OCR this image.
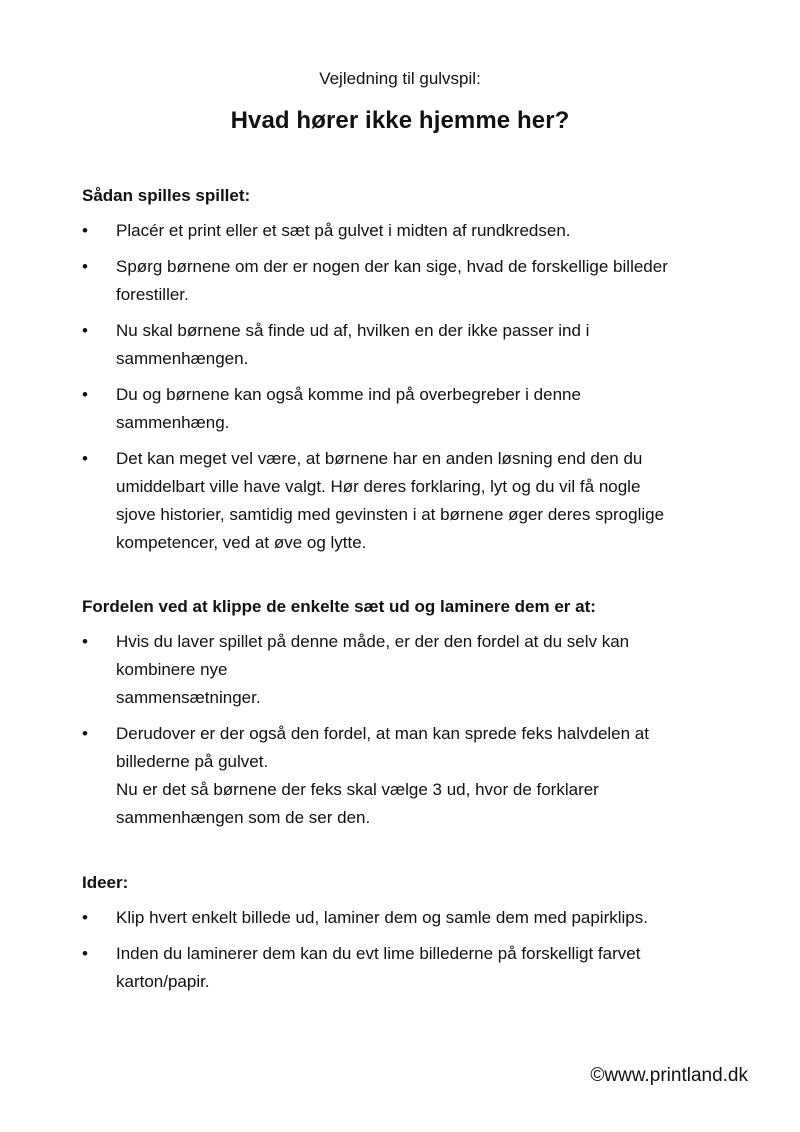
Vejledning til gulvspil:
Hvad hører ikke hjemme her?
Sådan spilles spillet:
• Placér et print eller et sæt på gulvet i midten af rundkredsen.
• Spørg børnene om der er nogen der kan sige, hvad de forskellige billeder
forestiller.
• Nu skal børnene så finde ud af, hvilken en der ikke passer ind i
sammenhængen.
• Du og børnene kan også komme ind på overbegreber i denne
sammenhæng.
• Det kan meget vel være, at børnene har en anden løsning end den du
umiddelbart ville have valgt. Hør deres forklaring, lyt og du vil få nogle
sjove historier, samtidig med gevinsten i at børnene øger deres sproglige
kompetencer, ved at øve og lytte.
Fordelen ved at klippe de enkelte sæt ud og laminere dem er at:
• Hvis du laver spillet på denne måde, er der den fordel at du selv kan
kombinere nye
sammensætninger.
• Derudover er der også den fordel, at man kan sprede feks halvdelen at
billederne på gulvet.
Nu er det så børnene der feks skal vælge 3 ud, hvor de forklarer
sammenhængen som de ser den.
Ideer:
• Klip hvert enkelt billede ud, laminer dem og samle dem med papirklips.
• Inden du laminerer dem kan du evt lime billederne på forskelligt farvet
karton/papir.
©www.printland.dk
